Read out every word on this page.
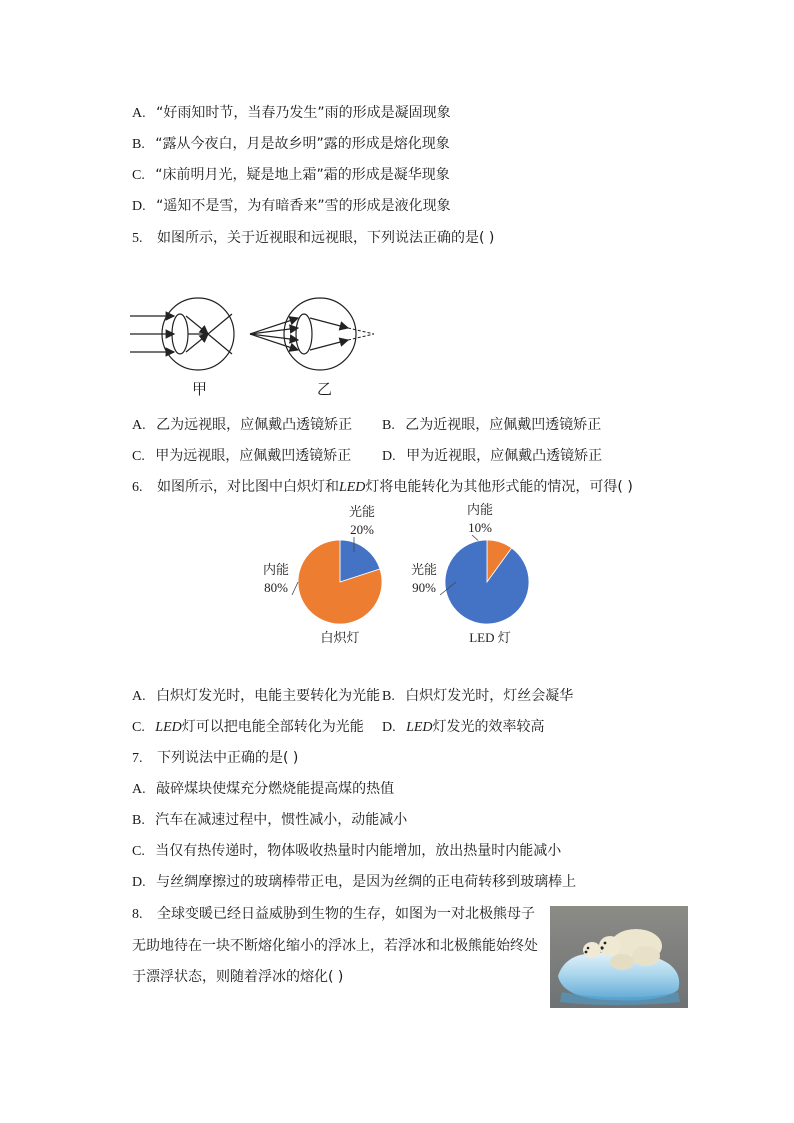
A. “好雨知时节，当春乃发生”雨的形成是凝固现象
B. “露从今夜白，月是故乡明”露的形成是熔化现象
C. “床前明月光，疑是地上霜”霜的形成是凝华现象
D. “遥知不是雪，为有暗香来”雪的形成是液化现象
5. 如图所示，关于近视眼和远视眼，下列说法正确的是( )
甲	乙
A. 乙为远视眼，应佩戴凸透镜矫正 B. 乙为近视眼，应佩戴凹透镜矫正
C. 甲为远视眼，应佩戴凹透镜矫正 D. 甲为近视眼，应佩戴凸透镜矫正
6. 如图所示，对比图中白炽灯和LED灯将电能转化为其他形式能的情况，可得( )
光能
20%
内能
80%
白炽灯
内能
10%
光能
90%
LED 灯
A. 白炽灯发光时，电能主要转化为光能 B. 白炽灯发光时，灯丝会凝华
C. LED灯可以把电能全部转化为光能 D. LED灯发光的效率较高
7. 下列说法中正确的是( )
A. 敲碎煤块使煤充分燃烧能提高煤的热值
B. 汽车在减速过程中，惯性减小，动能减小
C. 当仅有热传递时，物体吸收热量时内能增加，放出热量时内能减小
D. 与丝绸摩擦过的玻璃棒带正电，是因为丝绸的正电荷转移到玻璃棒上
8. 全球变暖已经日益威胁到生物的生存，如图为一对北极熊母子
无助地待在一块不断熔化缩小的浮冰上，若浮冰和北极熊能始终处
于漂浮状态，则随着浮冰的熔化( )
